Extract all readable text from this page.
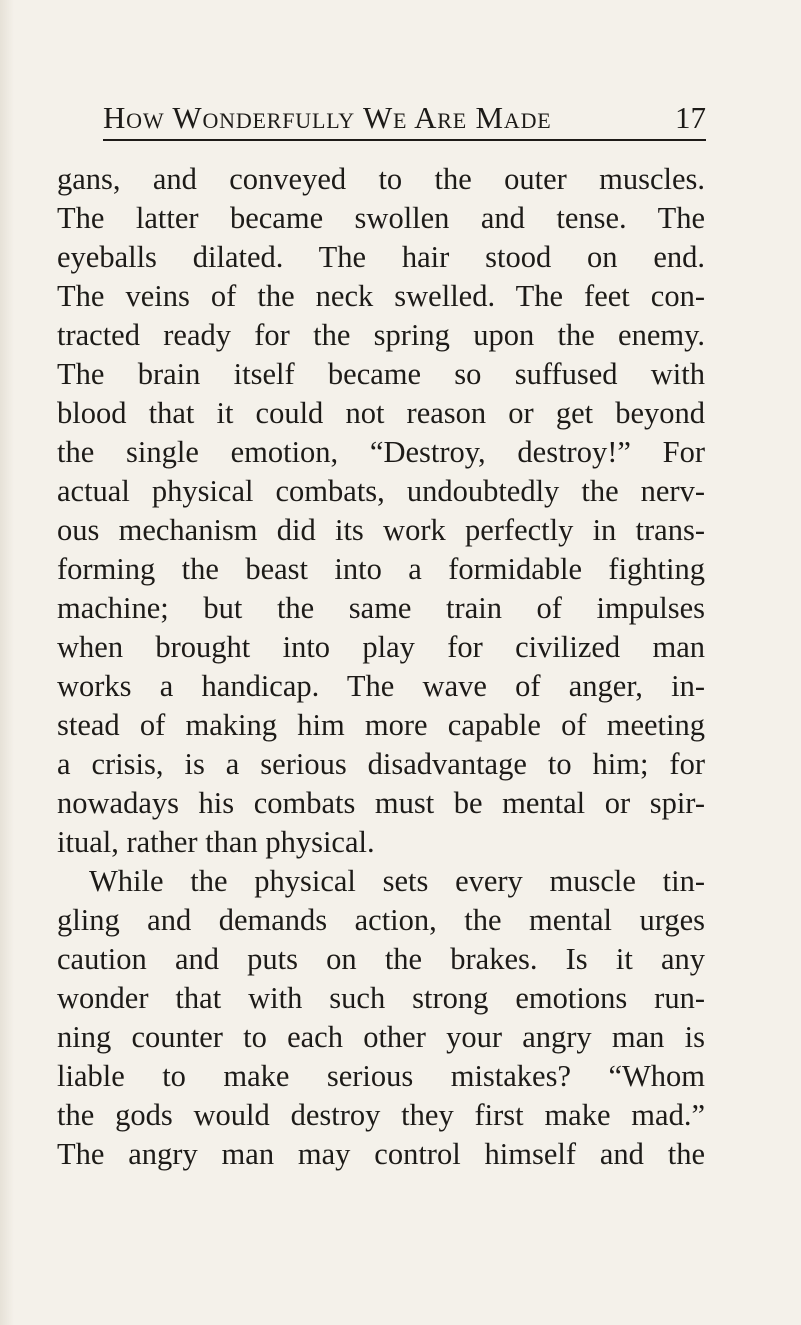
How Wonderfully We Are Made	17
gans, and conveyed to the outer muscles.
The latter became swollen and tense. The
eyeballs dilated. The hair stood on end.
The veins of the neck swelled. The feet con-
tracted ready for the spring upon the enemy.
The brain itself became so suffused with
blood that it could not reason or get beyond
the single emotion, “Destroy, destroy!” For
actual physical combats, undoubtedly the nerv-
ous mechanism did its work perfectly in trans-
forming the beast into a formidable fighting
machine; but the same train of impulses
when brought into play for civilized man
works a handicap. The wave of anger, in-
stead of making him more capable of meeting
a crisis, is a serious disadvantage to him; for
nowadays his combats must be mental or spir-
itual, rather than physical.
While the physical sets every muscle tin-
gling and demands action, the mental urges
caution and puts on the brakes. Is it any
wonder that with such strong emotions run-
ning counter to each other your angry man is
liable to make serious mistakes? “Whom
the gods would destroy they first make mad.”
The angry man may control himself and the
